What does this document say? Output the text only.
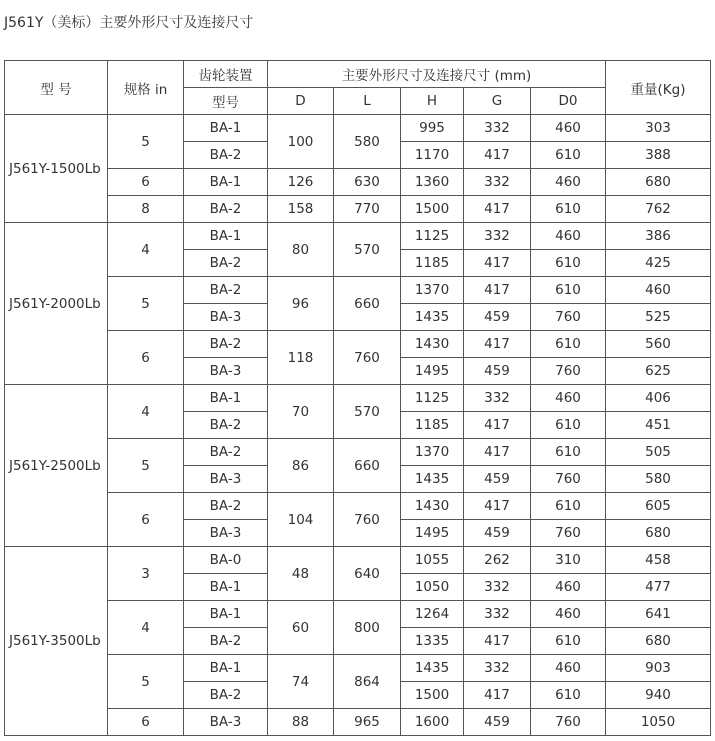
J561Y（美标）主要外形尺寸及连接尺寸
型 号	规格 in	齿轮装置	主要外形尺寸及连接尺寸 (mm)					重量(Kg)
		型号	D	L	H	G	D0	
J561Y-1500Lb	5	BA-1	100	580	995	332	460	303
		BA-2			1170	417	610	388
	6	BA-1	126	630	1360	332	460	680
	8	BA-2	158	770	1500	417	610	762
J561Y-2000Lb	4	BA-1	80	570	1125	332	460	386
		BA-2			1185	417	610	425
	5	BA-2	96	660	1370	417	610	460
		BA-3			1435	459	760	525
	6	BA-2	118	760	1430	417	610	560
		BA-3			1495	459	760	625
J561Y-2500Lb	4	BA-1	70	570	1125	332	460	406
		BA-2			1185	417	610	451
	5	BA-2	86	660	1370	417	610	505
		BA-3			1435	459	760	580
	6	BA-2	104	760	1430	417	610	605
		BA-3			1495	459	760	680
J561Y-3500Lb	3	BA-0	48	640	1055	262	310	458
		BA-1			1050	332	460	477
	4	BA-1	60	800	1264	332	460	641
		BA-2			1335	417	610	680
	5	BA-1	74	864	1435	332	460	903
		BA-2			1500	417	610	940
	6	BA-3	88	965	1600	459	760	1050
